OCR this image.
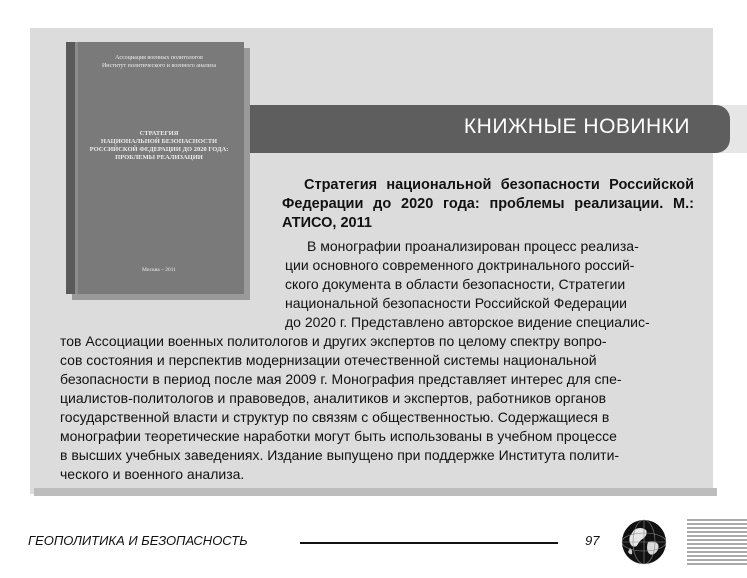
КНИЖНЫЕ НОВИНКИ
Ассоциация военных политологов
Институт политического и военного анализа
СТРАТЕГИЯ
НАЦИОНАЛЬНОЙ БЕЗОПАСНОСТИ
РОССИЙСКОЙ ФЕДЕРАЦИИ ДО 2020 ГОДА:
ПРОБЛЕМЫ РЕАЛИЗАЦИИ
Москва – 2011
Стратегия национальной безопасности Российской Федерации до 2020 года: проблемы реализации. М.: АТИСО, 2011
В монографии проанализирован процесс реализа-
ции основного современного доктринального россий-
ского документа в области безопасности, Стратегии
национальной безопасности Российской Федерации
до 2020 г. Представлено авторское видение специалис-
тов Ассоциации военных политологов и других экспертов по целому спектру вопро-
сов состояния и перспектив модернизации отечественной системы национальной
безопасности в период после мая 2009 г. Монография представляет интерес для спе-
циалистов-политологов и правоведов, аналитиков и экспертов, работников органов
государственной власти и структур по связям с общественностью. Содержащиеся в
монографии теоретические наработки могут быть использованы в учебном процессе
в высших учебных заведениях. Издание выпущено при поддержке Института полити-
ческого и военного анализа.
ГЕОПОЛИТИКА И БЕЗОПАСНОСТЬ	97
